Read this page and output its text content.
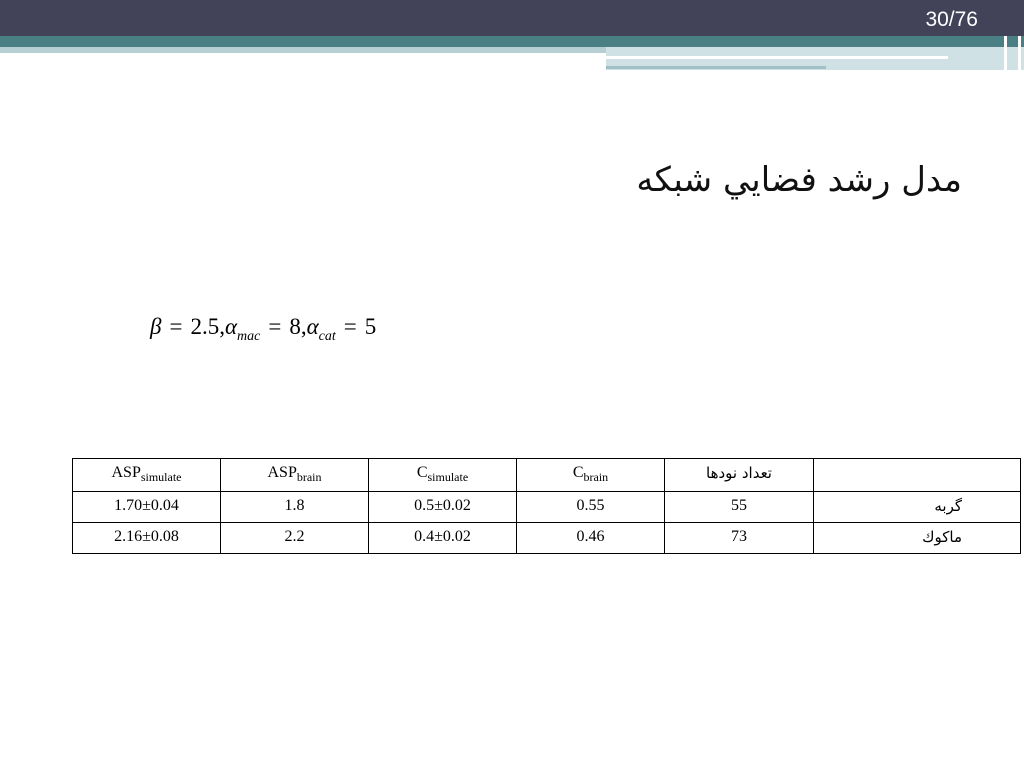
30/76
مدل رشد فضايي شبكه
$\beta = 2.5,\alpha_{mac} = 8,\alpha_{cat} = 5$
$ASP_{simulate}$	$ASP_{brain}$	$C_{simulate}$	$C_{brain}$	تعداد نودها	
1.70±0.04	1.8	0.5±0.02	0.55	55	گربه
2.16±0.08	2.2	0.4±0.02	0.46	73	ماكوك
